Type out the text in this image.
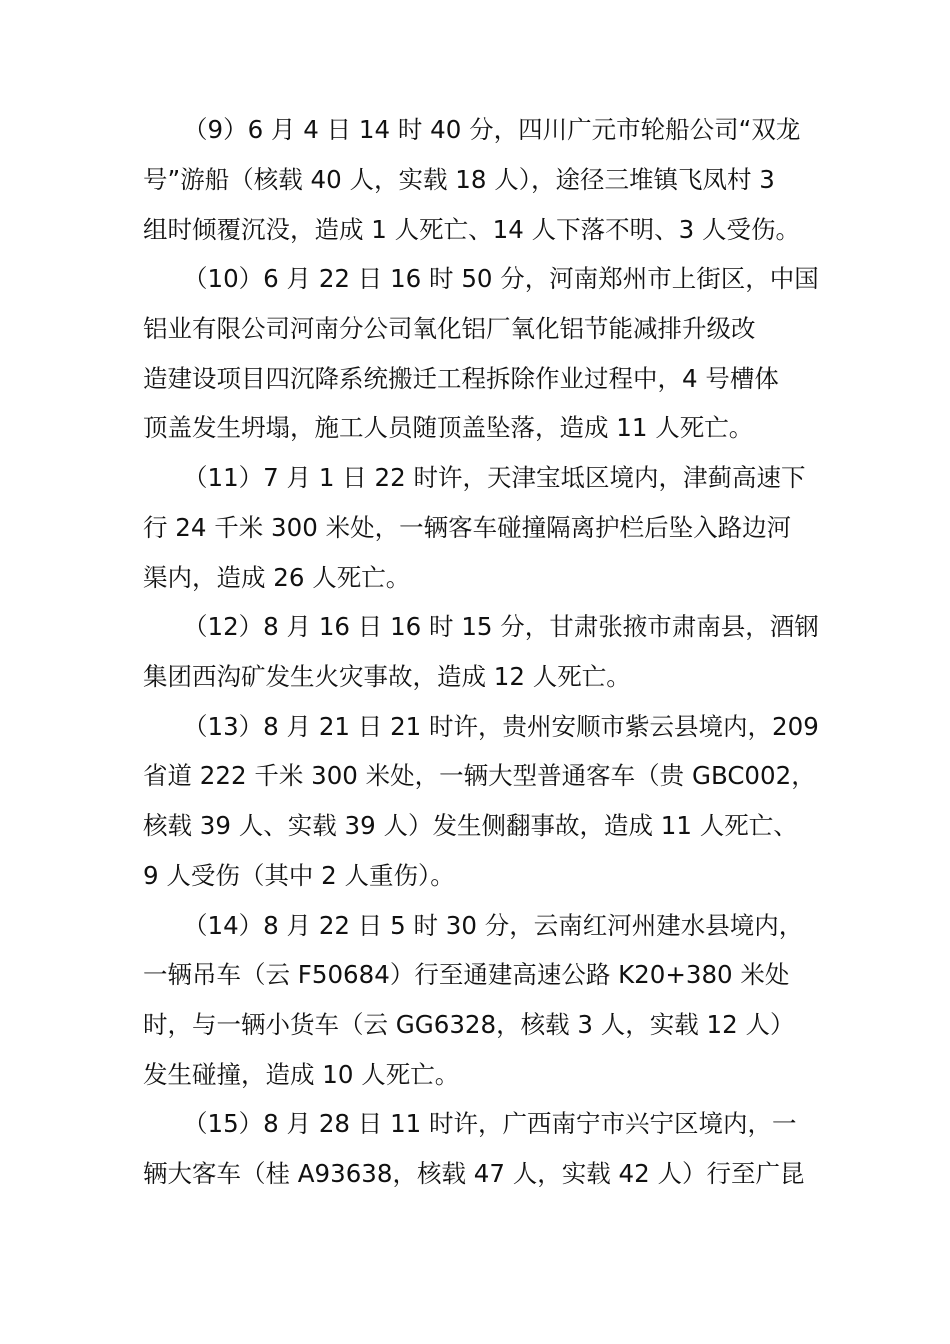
（9）6 月 4 日 14 时 40 分，四川广元市轮船公司“双龙
号”游船（核载 40 人，实载 18 人），途径三堆镇飞凤村 3
组时倾覆沉没，造成 1 人死亡、14 人下落不明、3 人受伤。
（10）6 月 22 日 16 时 50 分，河南郑州市上街区，中国
铝业有限公司河南分公司氧化铝厂氧化铝节能减排升级改
造建设项目四沉降系统搬迁工程拆除作业过程中，4 号槽体
顶盖发生坍塌，施工人员随顶盖坠落，造成 11 人死亡。
（11）7 月 1 日 22 时许，天津宝坻区境内，津蓟高速下
行 24 千米 300 米处，一辆客车碰撞隔离护栏后坠入路边河
渠内，造成 26 人死亡。
（12）8 月 16 日 16 时 15 分，甘肃张掖市肃南县，酒钢
集团西沟矿发生火灾事故，造成 12 人死亡。
（13）8 月 21 日 21 时许，贵州安顺市紫云县境内，209
省道 222 千米 300 米处，一辆大型普通客车（贵 GBC002，
核载 39 人、实载 39 人）发生侧翻事故，造成 11 人死亡、
9 人受伤（其中 2 人重伤）。
（14）8 月 22 日 5 时 30 分，云南红河州建水县境内，
一辆吊车（云 F50684）行至通建高速公路 K20+380 米处
时，与一辆小货车（云 GG6328，核载 3 人，实载 12 人）
发生碰撞，造成 10 人死亡。
（15）8 月 28 日 11 时许，广西南宁市兴宁区境内，一
辆大客车（桂 A93638，核载 47 人，实载 42 人）行至广昆
